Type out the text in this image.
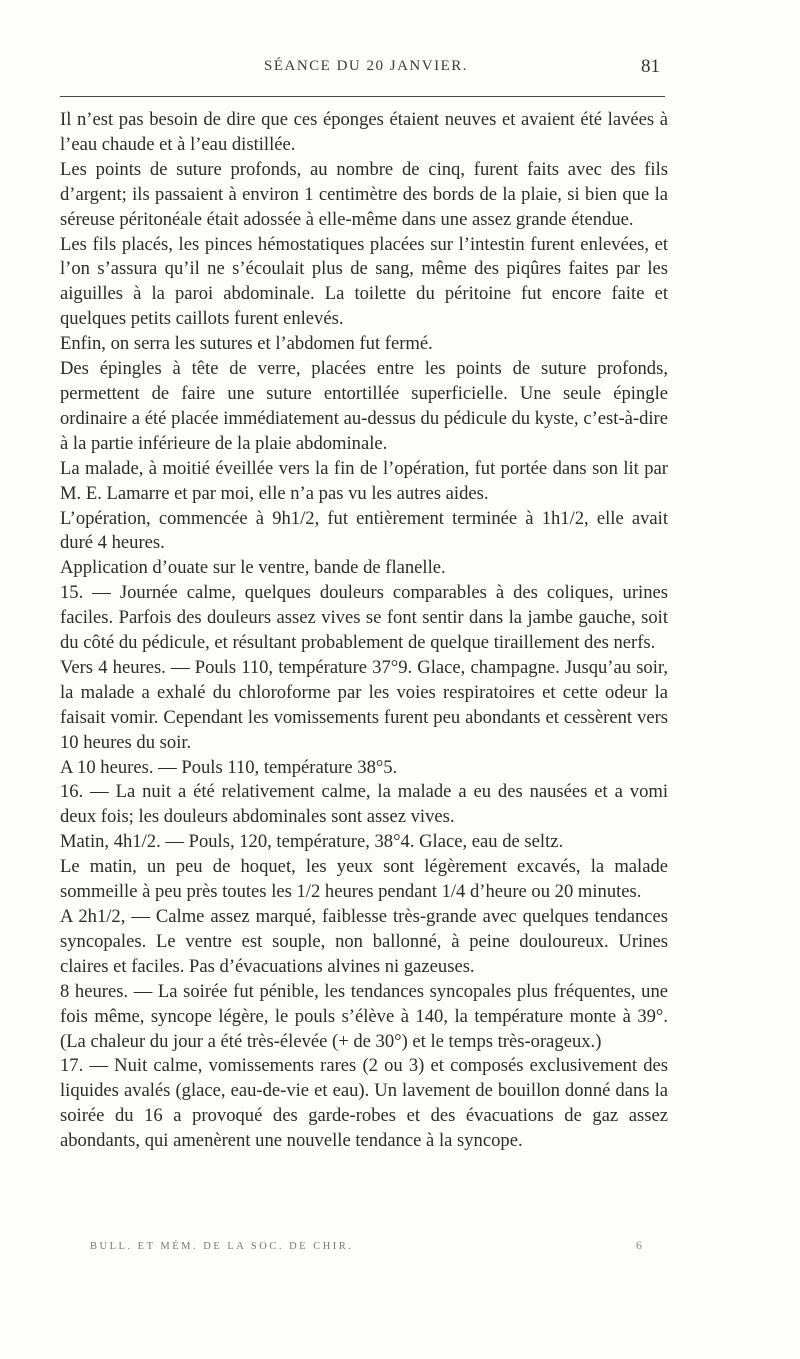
SÉANCE DU 20 JANVIER.	81

Il n’est pas besoin de dire que ces éponges étaient neuves et avaient été lavées à l’eau chaude et à l’eau distillée.

Les points de suture profonds, au nombre de cinq, furent faits avec des fils d’argent; ils passaient à environ 1 centimètre des bords de la plaie, si bien que la séreuse péritonéale était adossée à elle-même dans une assez grande étendue.

Les fils placés, les pinces hémostatiques placées sur l’intestin furent enlevées, et l’on s’assura qu’il ne s’écoulait plus de sang, même des piqûres faites par les aiguilles à la paroi abdominale. La toilette du péritoine fut encore faite et quelques petits caillots furent enlevés.

Enfin, on serra les sutures et l’abdomen fut fermé.

Des épingles à tête de verre, placées entre les points de suture profonds, permettent de faire une suture entortillée superficielle. Une seule épingle ordinaire a été placée immédiatement au-dessus du pédicule du kyste, c’est-à-dire à la partie inférieure de la plaie abdominale.

La malade, à moitié éveillée vers la fin de l’opération, fut portée dans son lit par M. E. Lamarre et par moi, elle n’a pas vu les autres aides.

L’opération, commencée à 9h1/2, fut entièrement terminée à 1h1/2, elle avait duré 4 heures.

Application d’ouate sur le ventre, bande de flanelle.

15. — Journée calme, quelques douleurs comparables à des coliques, urines faciles. Parfois des douleurs assez vives se font sentir dans la jambe gauche, soit du côté du pédicule, et résultant probablement de quelque tiraillement des nerfs.

Vers 4 heures. — Pouls 110, température 37°9. Glace, champagne. Jusqu’au soir, la malade a exhalé du chloroforme par les voies respiratoires et cette odeur la faisait vomir. Cependant les vomissements furent peu abondants et cessèrent vers 10 heures du soir.

A 10 heures. — Pouls 110, température 38°5.

16. — La nuit a été relativement calme, la malade a eu des nausées et a vomi deux fois; les douleurs abdominales sont assez vives.

Matin, 4h1/2. — Pouls, 120, température, 38°4. Glace, eau de seltz.

Le matin, un peu de hoquet, les yeux sont légèrement excavés, la malade sommeille à peu près toutes les 1/2 heures pendant 1/4 d’heure ou 20 minutes.

A 2h1/2, — Calme assez marqué, faiblesse très-grande avec quelques tendances syncopales. Le ventre est souple, non ballonné, à peine douloureux. Urines claires et faciles. Pas d’évacuations alvines ni gazeuses.

8 heures. — La soirée fut pénible, les tendances syncopales plus fréquentes, une fois même, syncope légère, le pouls s’élève à 140, la température monte à 39°. (La chaleur du jour a été très-élevée (+ de 30°) et le temps très-orageux.)

17. — Nuit calme, vomissements rares (2 ou 3) et composés exclusivement des liquides avalés (glace, eau-de-vie et eau). Un lavement de bouillon donné dans la soirée du 16 a provoqué des garde-robes et des évacuations de gaz assez abondants, qui amenèrent une nouvelle tendance à la syncope.

BULL. ET MÉM. DE LA SOC. DE CHIR.	6
